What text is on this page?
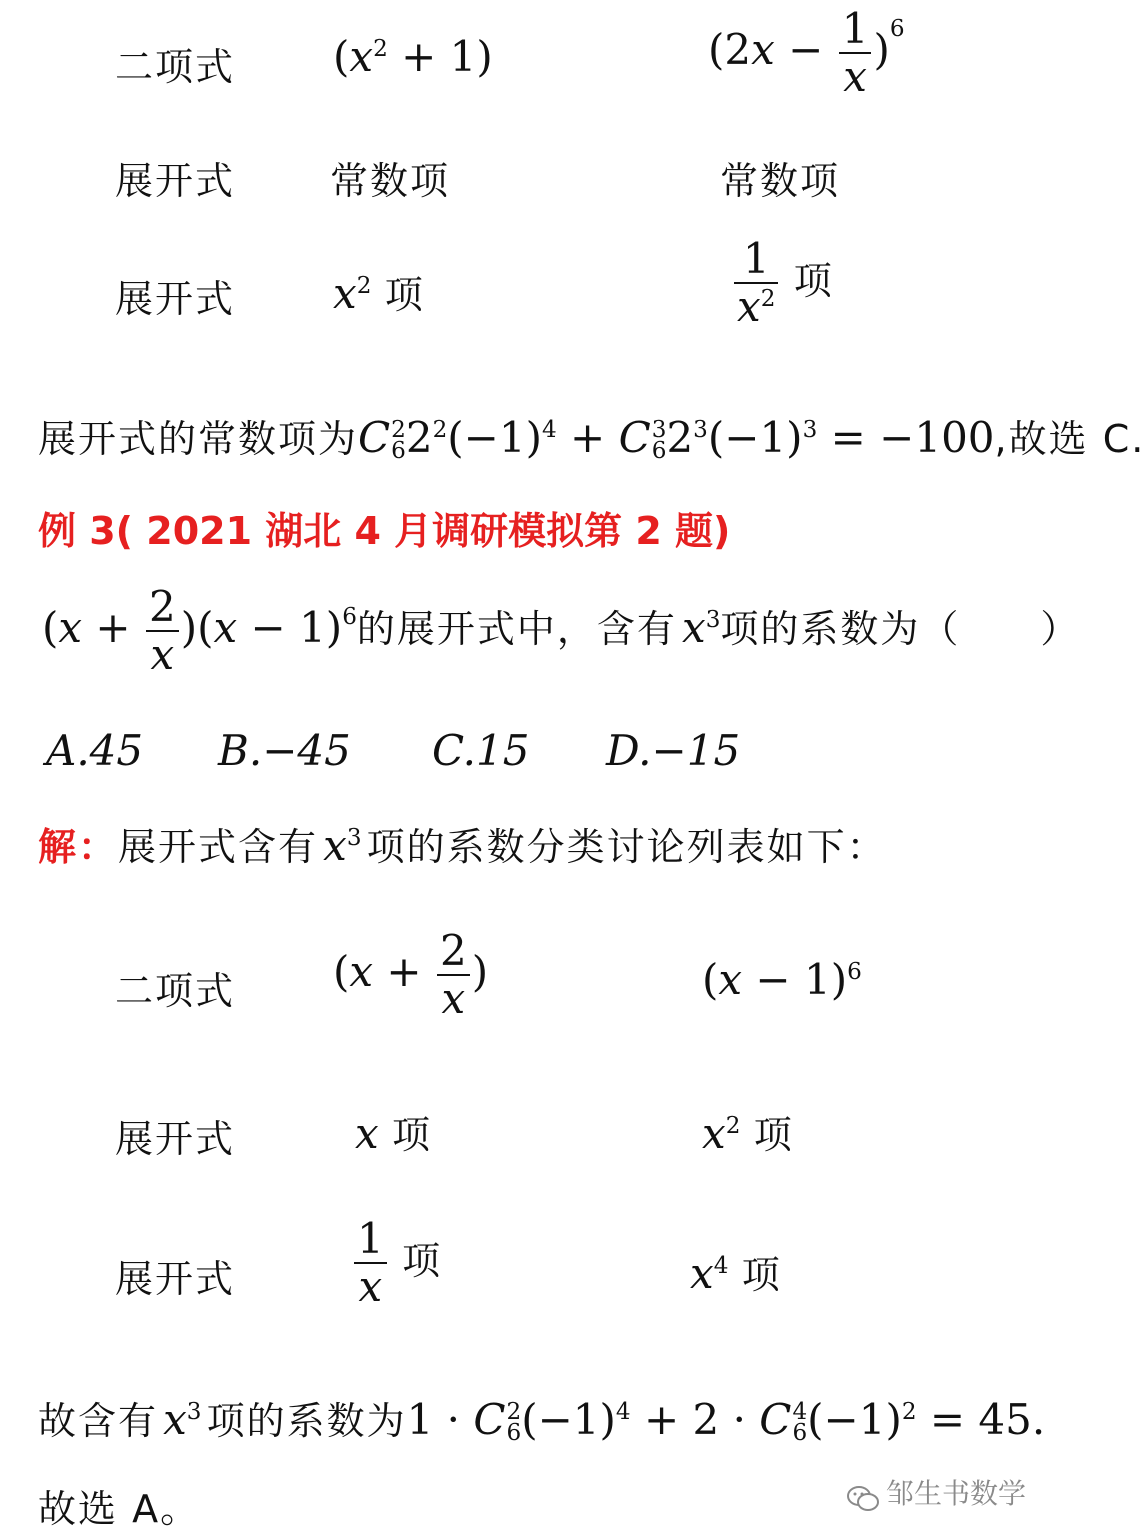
二项式 $(x^2 + 1)$	$(2x - \frac{1}{x} )^6$
展开式 常数项	常数项
展开式 $x^2$ 项	$\frac{1}{x^2}$ 项
展开式的常数项为C 2
6 $2^2(-1)^4 + C$ 3
6 $2^3(-1)^3 = -100$,故选 C.
例 3( 2021 湖北 4 月调研模拟第 2 题)
$(x + \frac{2}{x} )(x - 1)^6$的展开式中，含有 $x^3$项的系数为（　　）
A.45 B.−45 C.15 D.−15
解：展开式含有 $x^3$ 项的系数分类讨论列表如下：
二项式 ($x + \frac{2}{x}$ )	$(x - 1)^6$
展开式	x 项	$x^2$ 项
展开式	$\frac{1}{x}$ 项	$x^4$ 项
故含有 $x^3$ 项的系数为1 · C 2
6 $(-1)^4 + 2 \cdot C$ 4
6 $(-1)^2 = 45$.
故选 A。	邹生书数学
